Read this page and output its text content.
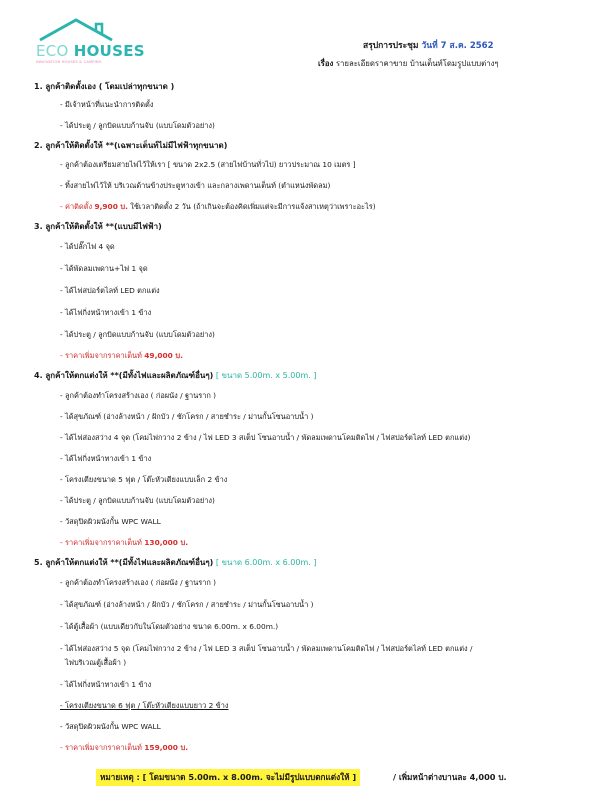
ECO HOUSES
INNOVATION HOUSES & CAMPING
สรุปการประชุม วันที่ 7 ส.ค. 2562
เรื่อง รายละเอียดราคาขาย บ้านเต็นท์โดมรูปแบบต่างๆ
1. ลูกค้าติดตั้งเอง ( โดมเปล่าทุกขนาด )
- มีเจ้าหน้าที่แนะนำการติดตั้ง
- ได้ประตู / ลูกบิดแบบก้านจับ (แบบโดมตัวอย่าง)
2. ลูกค้าให้ติดตั้งให้ **(เฉพาะเต็นท์ไม่มีไฟฟ้าทุกขนาด)
- ลูกค้าต้องเตรียมสายไฟไว้ให้เรา [ ขนาด 2x2.5 (สายไฟบ้านทั่วไป) ยาวประมาณ 10 เมตร ]
- ทิ้งสายไฟไว้ให้ บริเวณด้านข้างประตูทางเข้า และกลางเพดานเต็นท์ (ตำแหน่งพัดลม)
- ค่าติดตั้ง 9,900 บ. ใช้เวลาติดตั้ง 2 วัน (ถ้าเกินจะต้องคิดเพิ่มแต่จะมีการแจ้งสาเหตุว่าเพราะอะไร)
3. ลูกค้าให้ติดตั้งให้ **(แบบมีไฟฟ้า)
- ได้ปลั๊กไฟ 4 จุด
- ได้พัดลมเพดาน+ไฟ 1 จุด
- ได้ไฟสปอร์ตไลท์ LED ตกแต่ง
- ได้ไฟกิ่งหน้าทางเข้า 1 ข้าง
- ได้ประตู / ลูกบิดแบบก้านจับ (แบบโดมตัวอย่าง)
- ราคาเพิ่มจากราคาเต็นท์ 49,000 บ.
4. ลูกค้าให้ตกแต่งให้ **(มีทั้งไฟและผลิตภัณฑ์อื่นๆ) [ ขนาด 5.00m. x 5.00m. ]
- ลูกค้าต้องทำโครงสร้างเอง ( ก่อผนัง / ฐานราก )
- ได้สุขภัณฑ์ (อ่างล้างหน้า / ฝักบัว / ชักโครก / สายชำระ / ม่านกั้นโซนอาบน้ำ )
- ได้ไฟส่องสว่าง 4 จุด (โคมไฟกวาง 2 ข้าง / ไฟ LED 3 สเต็ป โซนอาบน้ำ / พัดลมเพดานโคมติดไฟ / ไฟสปอร์ตไลท์ LED ตกแต่ง)
- ได้ไฟกิ่งหน้าทางเข้า 1 ข้าง
- โครงเตียงขนาด 5 ฟุต / โต๊ะหัวเตียงแบบเล็ก 2 ข้าง
- ได้ประตู / ลูกบิดแบบก้านจับ (แบบโดมตัวอย่าง)
- วัสดุปิดผิวผนังกั้น WPC WALL
- ราคาเพิ่มจากราคาเต็นท์ 130,000 บ.
5. ลูกค้าให้ตกแต่งให้ **(มีทั้งไฟและผลิตภัณฑ์อื่นๆ) [ ขนาด 6.00m. x 6.00m. ]
- ลูกค้าต้องทำโครงสร้างเอง ( ก่อผนัง / ฐานราก )
- ได้สุขภัณฑ์ (อ่างล้างหน้า / ฝักบัว / ชักโครก / สายชำระ / ม่านกั้นโซนอาบน้ำ )
- ได้ตู้เสื้อผ้า (แบบเดียวกับในโดมตัวอย่าง ขนาด 6.00m. x 6.00m.)
- ได้ไฟส่องสว่าง 5 จุด (โคมไฟกวาง 2 ข้าง / ไฟ LED 3 สเต็ป โซนอาบน้ำ / พัดลมเพดานโคมติดไฟ / ไฟสปอร์ตไลท์ LED ตกแต่ง /
ไฟบริเวณตู้เสื้อผ้า )
- ได้ไฟกิ่งหน้าทางเข้า 1 ข้าง
- โครงเตียงขนาด 6 ฟุต / โต๊ะหัวเตียงแบบยาว 2 ข้าง
- วัสดุปิดผิวผนังกั้น WPC WALL
- ราคาเพิ่มจากราคาเต็นท์ 159,000 บ.
หมายเหตุ : [ โดมขนาด 5.00m. x 8.00m. จะไม่มีรูปแบบตกแต่งให้ ]	/ เพิ่มหน้าต่างบานละ 4,000 บ.
